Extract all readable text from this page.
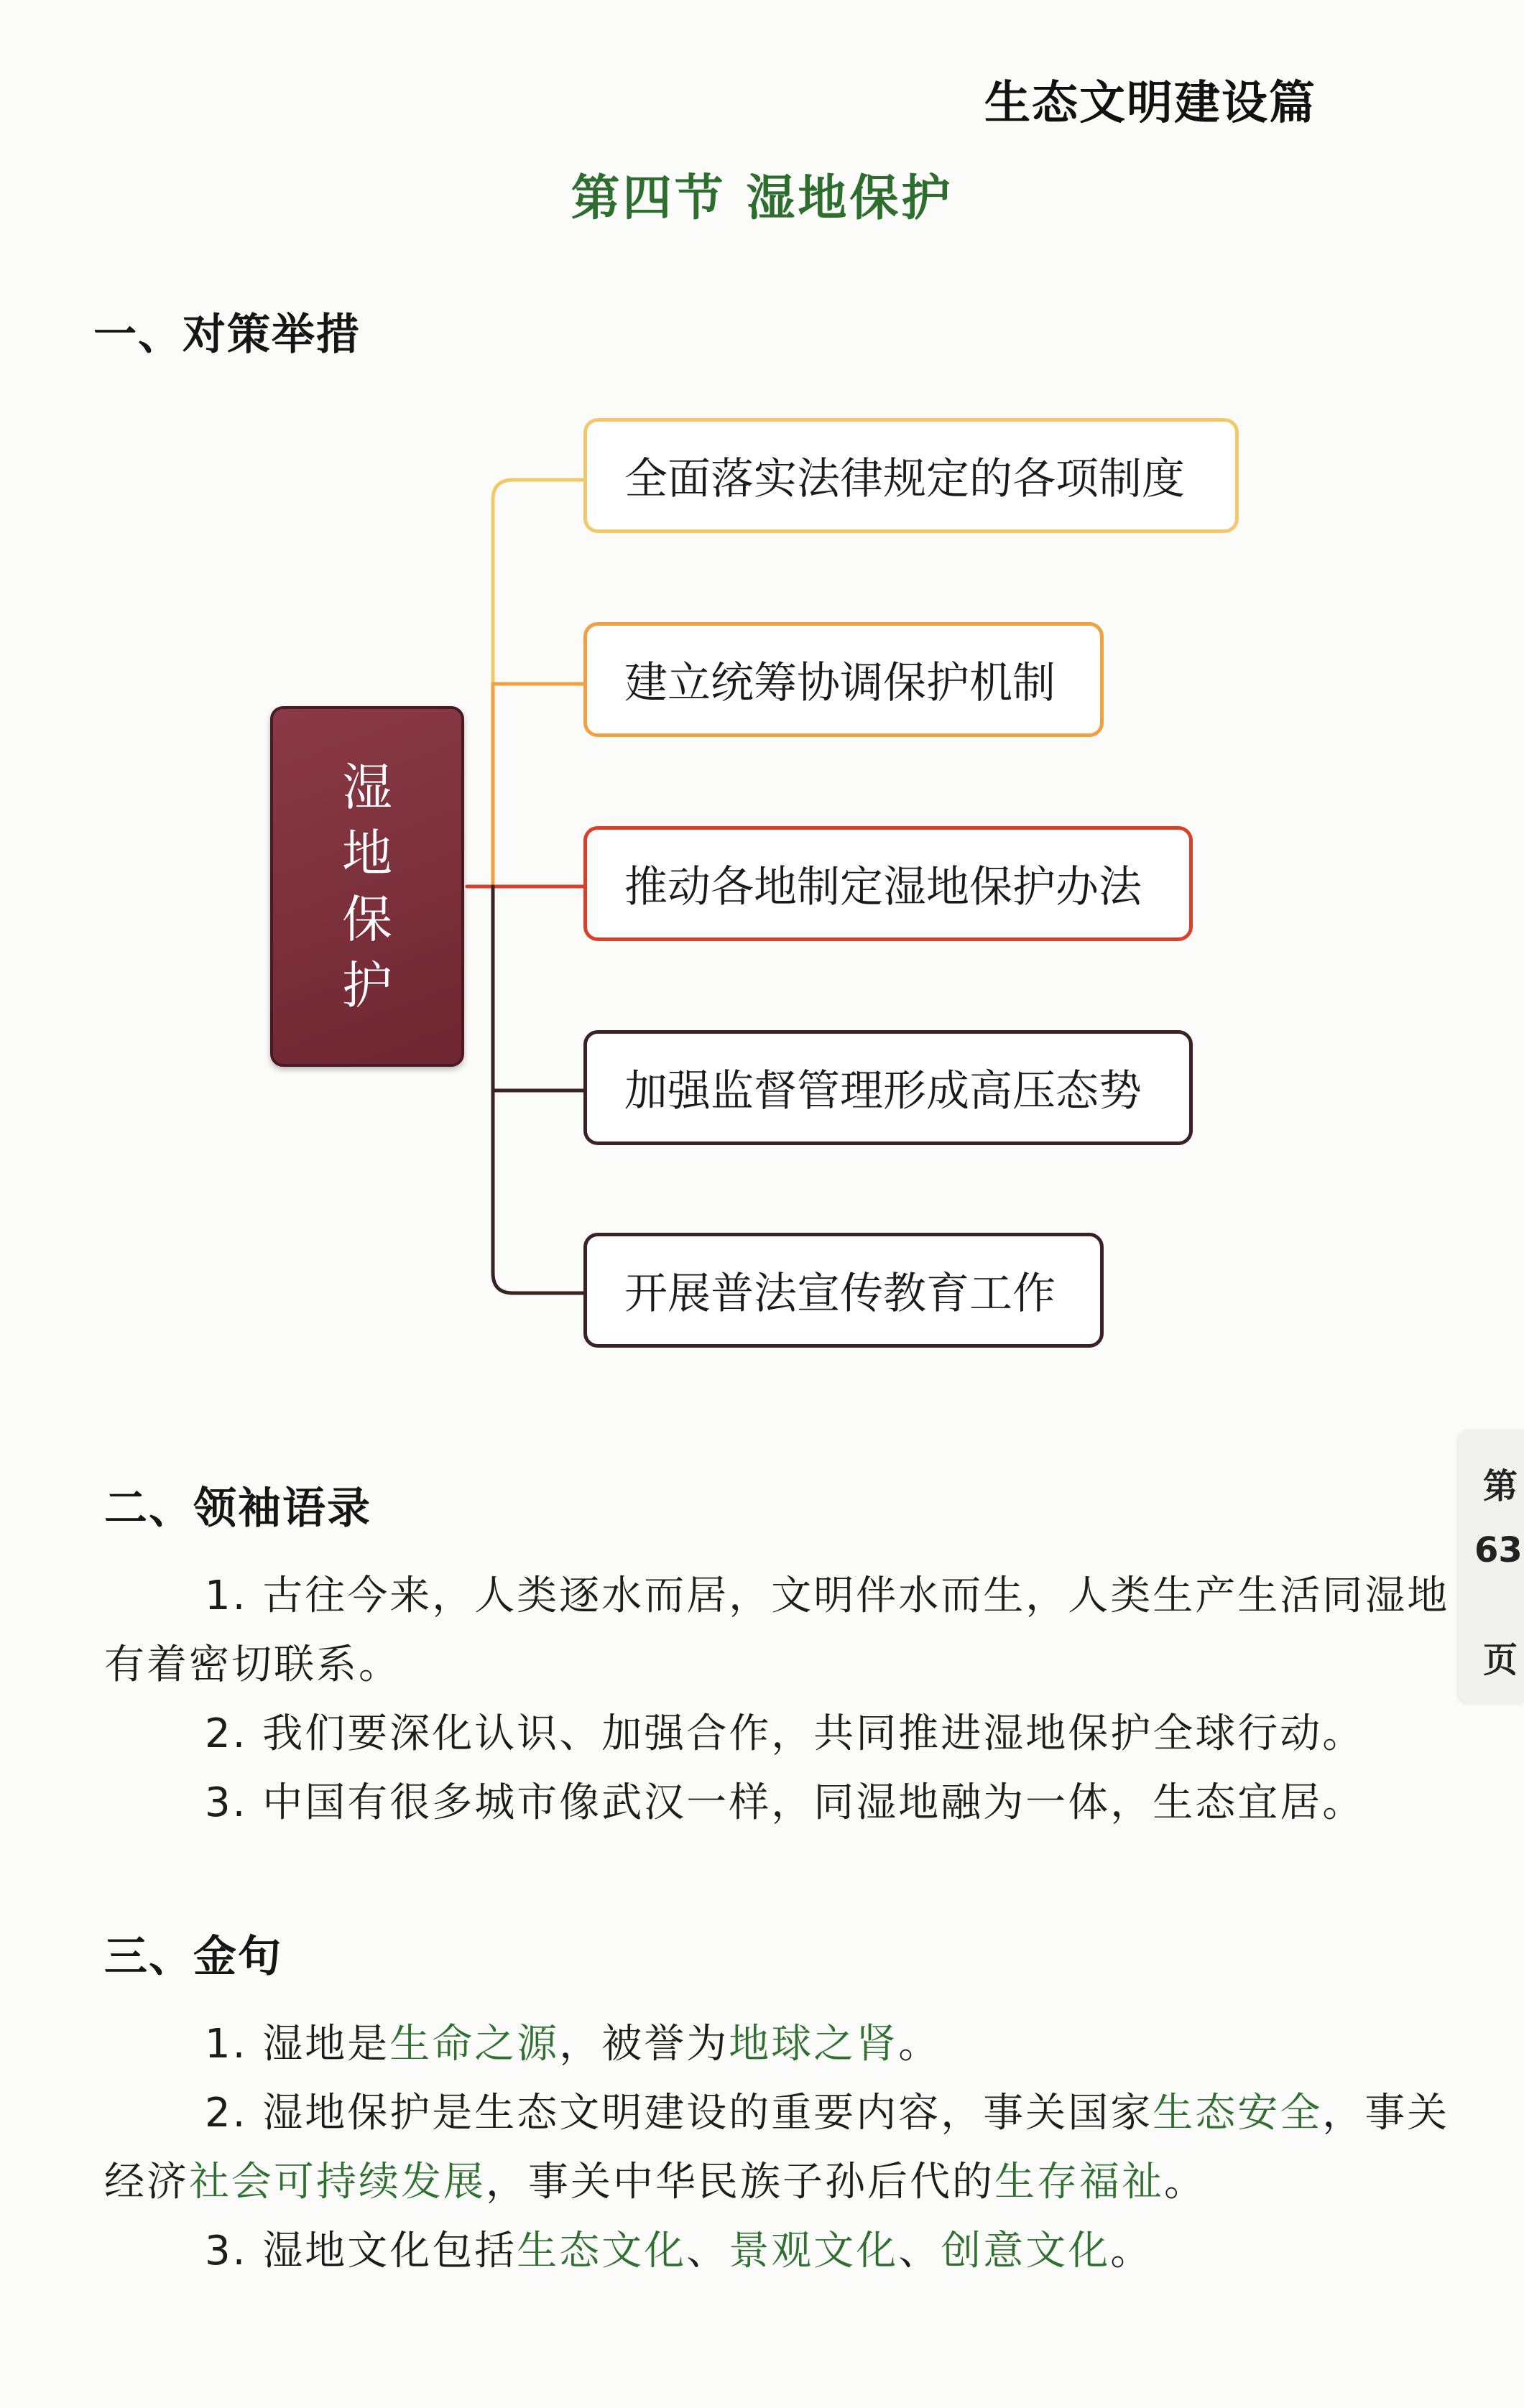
生态文明建设篇
第四节 湿地保护
一、对策举措
湿
地
保
护
全面落实法律规定的各项制度
建立统筹协调保护机制
推动各地制定湿地保护办法
加强监督管理形成高压态势
开展普法宣传教育工作
二、领袖语录
1. 古往今来，人类逐水而居，文明伴水而生，人类生产生活同湿地
有着密切联系。
2. 我们要深化认识、加强合作，共同推进湿地保护全球行动。
3. 中国有很多城市像武汉一样，同湿地融为一体，生态宜居。
三、金句
1. 湿地是生命之源，被誉为地球之肾。
2. 湿地保护是生态文明建设的重要内容，事关国家生态安全，事关
经济社会可持续发展，事关中华民族子孙后代的生存福祉。
3. 湿地文化包括生态文化、景观文化、创意文化。
第
63
页
